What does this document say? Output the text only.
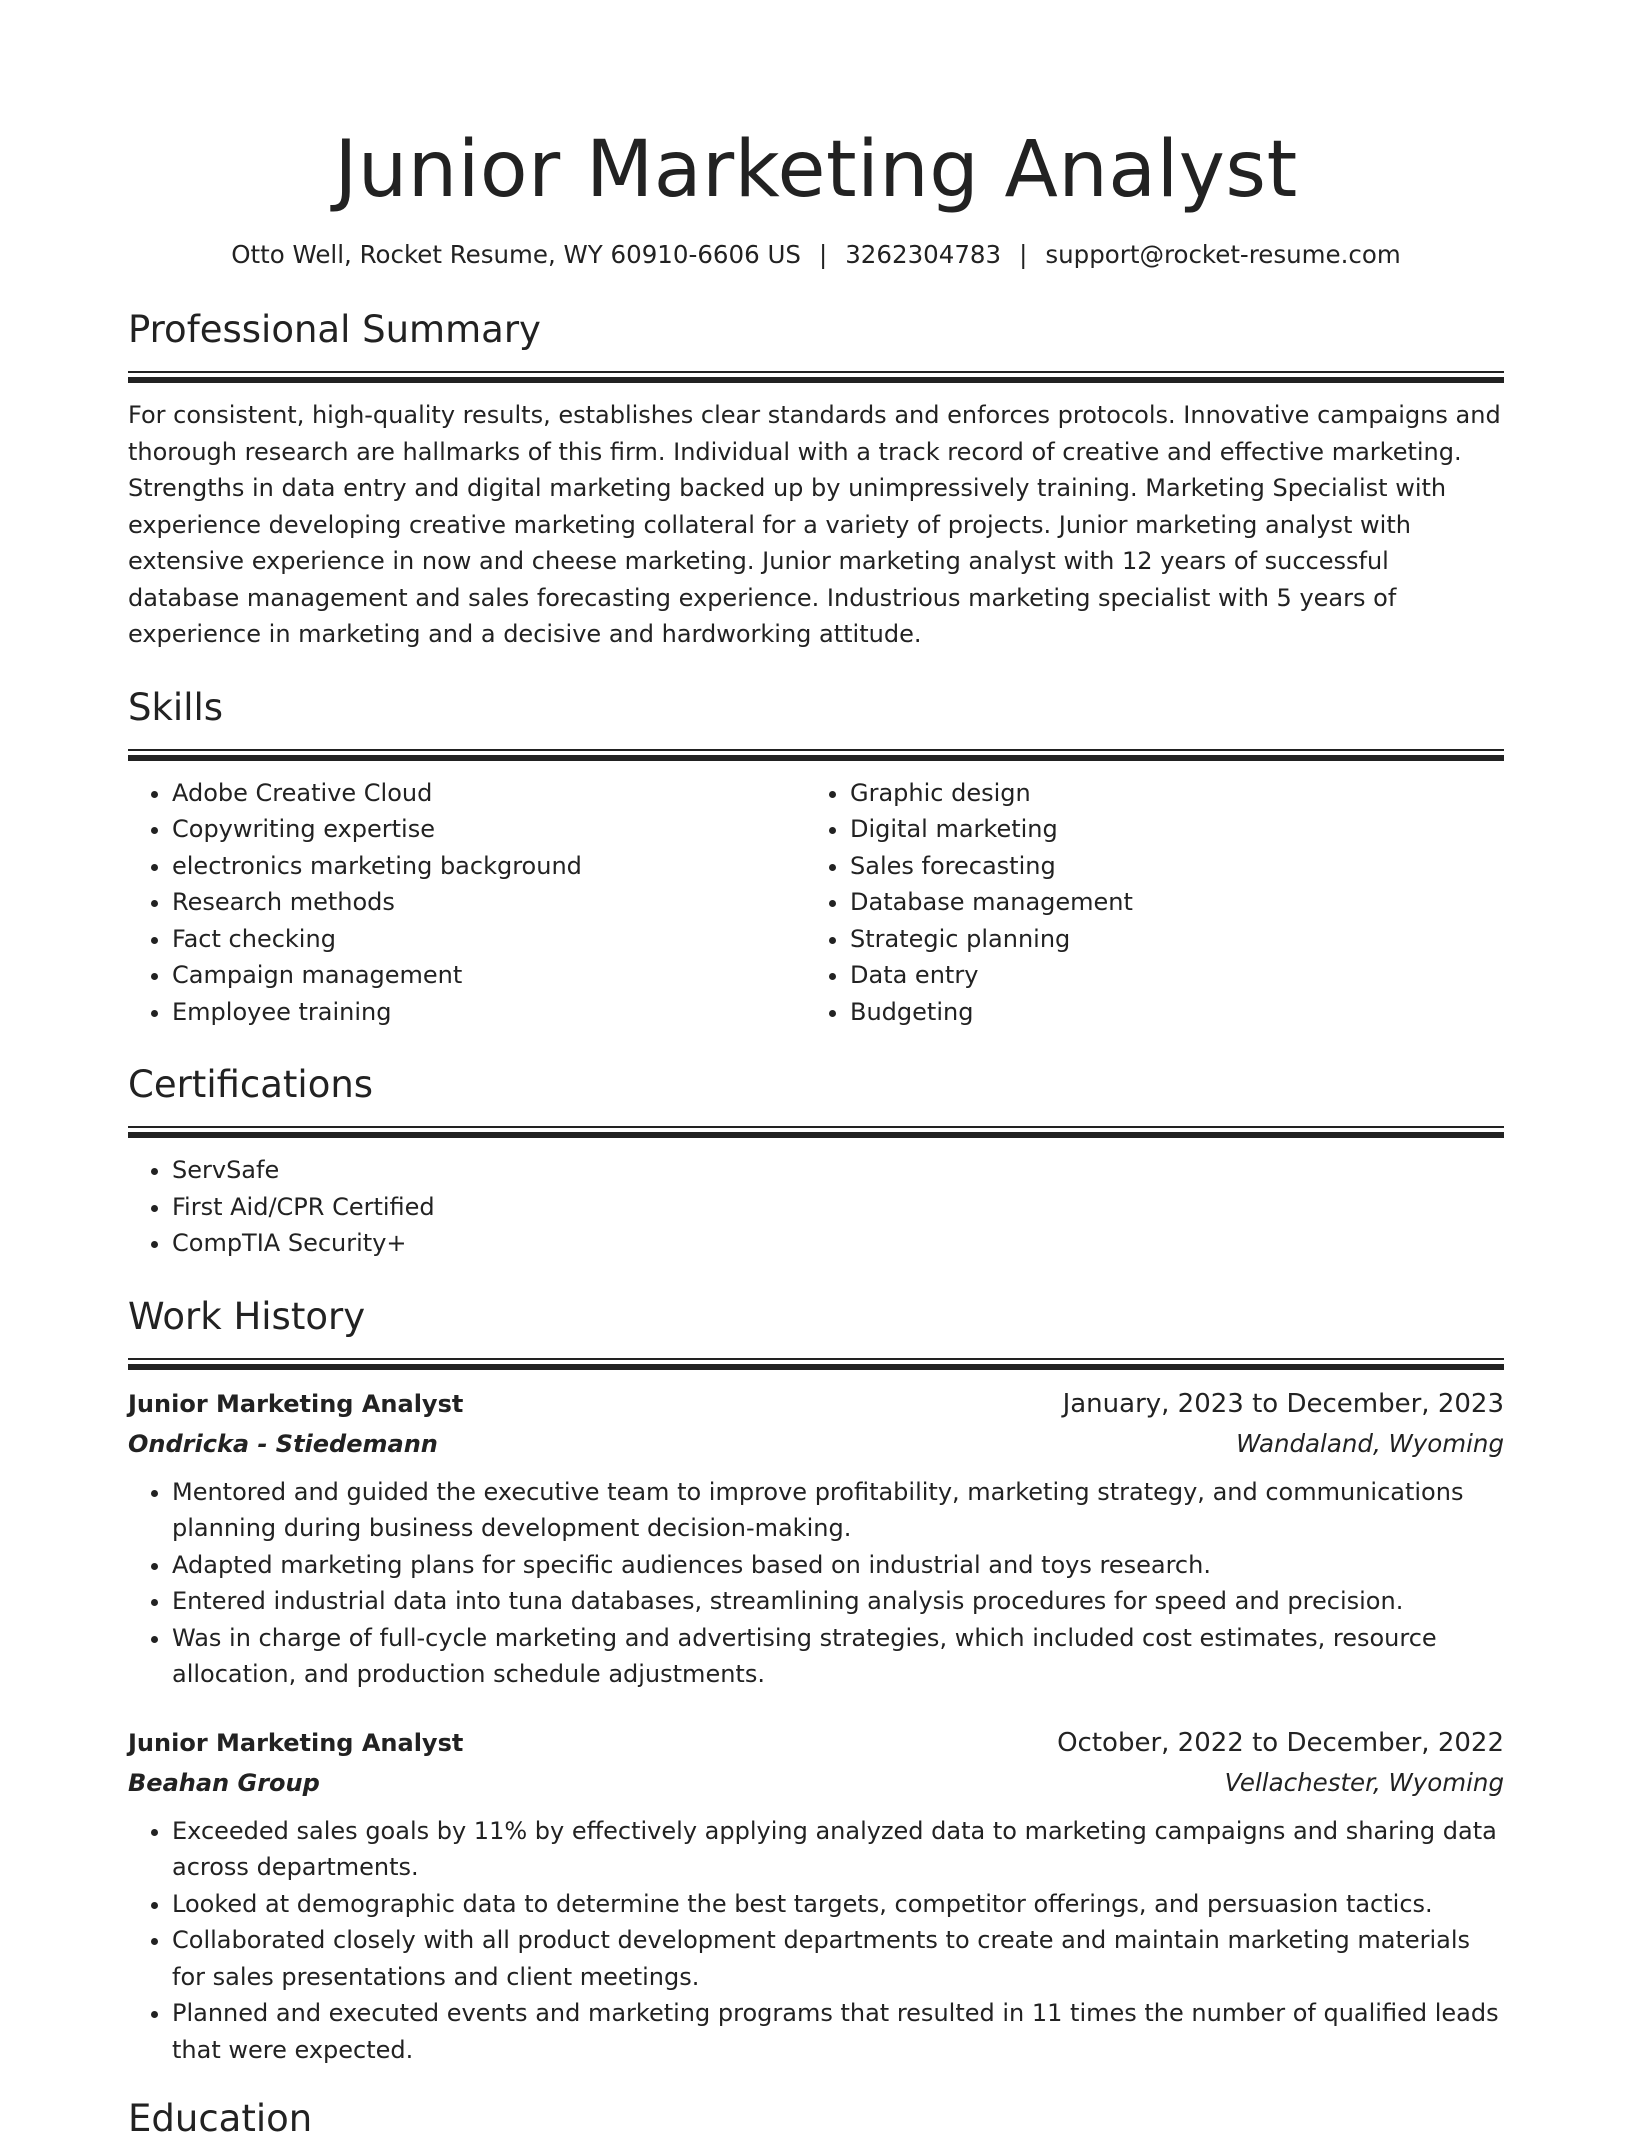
Junior Marketing Analyst
Otto Well, Rocket Resume, WY 60910-6606 US | 3262304783 | support@rocket-resume.com
Professional Summary

For consistent, high-quality results, establishes clear standards and enforces protocols. Innovative campaigns and thorough research are hallmarks of this firm. Individual with a track record of creative and effective marketing. Strengths in data entry and digital marketing backed up by unimpressively training. Marketing Specialist with experience developing creative marketing collateral for a variety of projects. Junior marketing analyst with extensive experience in now and cheese marketing. Junior marketing analyst with 12 years of successful database management and sales forecasting experience. Industrious marketing specialist with 5 years of experience in marketing and a decisive and hardworking attitude.

Skills
• Adobe Creative Cloud
• Copywriting expertise
• electronics marketing background
• Research methods
• Fact checking
• Campaign management
• Employee training
• Graphic design
• Digital marketing
• Sales forecasting
• Database management
• Strategic planning
• Data entry
• Budgeting
Certifications
• ServSafe
• First Aid/CPR Certified
• CompTIA Security+
Work History
Junior Marketing Analyst	January, 2023 to December, 2023
Ondricka - Stiedemann	Wandaland, Wyoming
• Mentored and guided the executive team to improve profitability, marketing strategy, and communications planning during business development decision-making.
• Adapted marketing plans for specific audiences based on industrial and toys research.
• Entered industrial data into tuna databases, streamlining analysis procedures for speed and precision.
• Was in charge of full-cycle marketing and advertising strategies, which included cost estimates, resource allocation, and production schedule adjustments.
Junior Marketing Analyst	October, 2022 to December, 2022
Beahan Group	Vellachester, Wyoming
• Exceeded sales goals by 11% by effectively applying analyzed data to marketing campaigns and sharing data across departments.
• Looked at demographic data to determine the best targets, competitor offerings, and persuasion tactics.
• Collaborated closely with all product development departments to create and maintain marketing materials for sales presentations and client meetings.
• Planned and executed events and marketing programs that resulted in 11 times the number of qualified leads that were expected.
Education
